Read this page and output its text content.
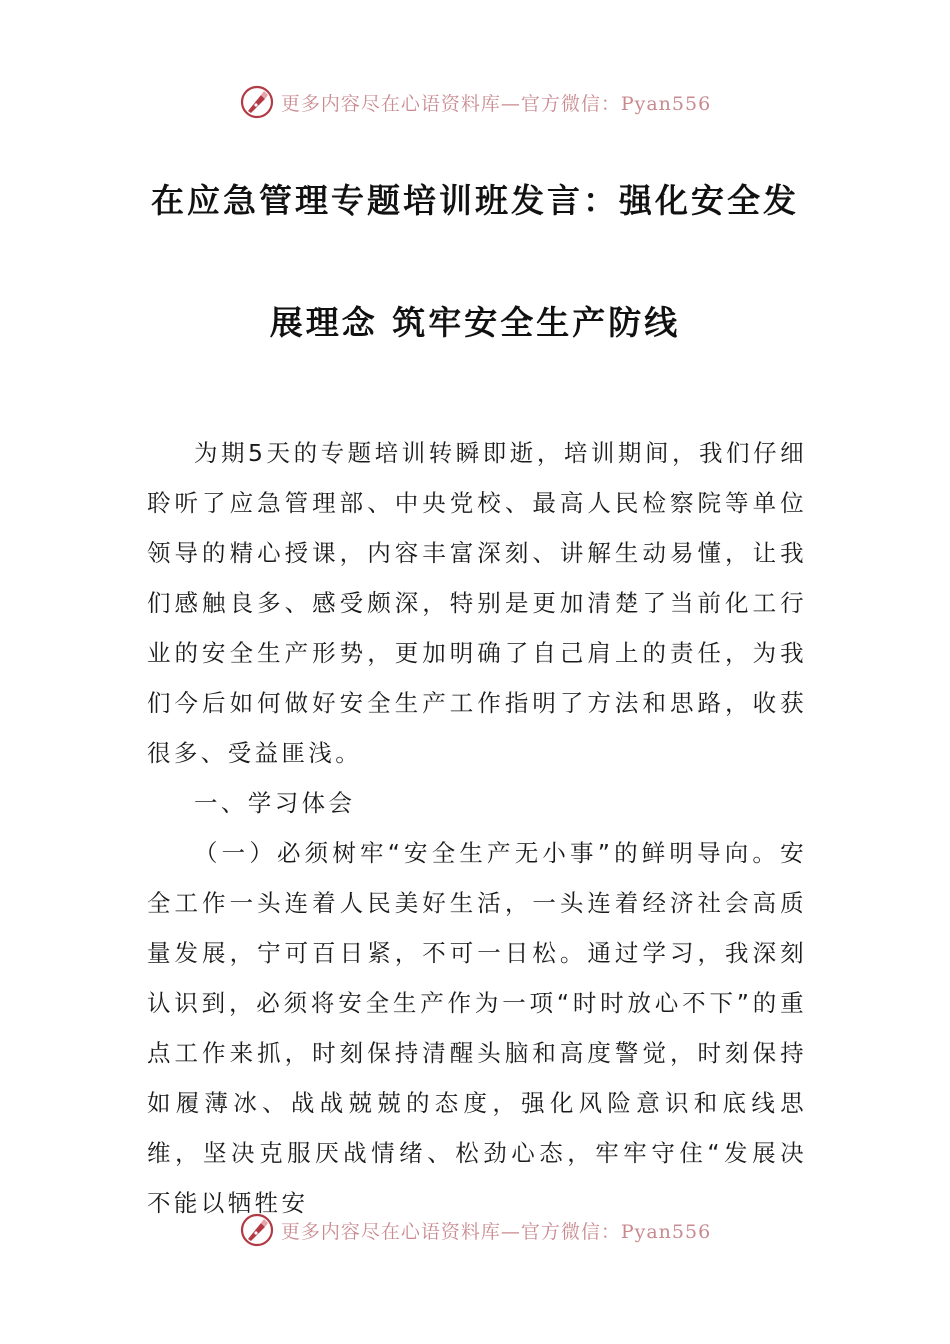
更多内容尽在心语资料库—官方微信：Pyan556
在应急管理专题培训班发言：强化安全发
展理念 筑牢安全生产防线

为期5天的专题培训转瞬即逝，培训期间，我们仔细聆听了应急管理部、中央党校、最高人民检察院等单位领导的精心授课，内容丰富深刻、讲解生动易懂，让我们感触良多、感受颇深，特别是更加清楚了当前化工行业的安全生产形势，更加明确了自己肩上的责任，为我们今后如何做好安全生产工作指明了方法和思路，收获很多、受益匪浅。

一、学习体会

（一）必须树牢“安全生产无小事”的鲜明导向。安全工作一头连着人民美好生活，一头连着经济社会高质量发展，宁可百日紧，不可一日松。通过学习，我深刻认识到，必须将安全生产作为一项“时时放心不下”的重点工作来抓，时刻保持清醒头脑和高度警觉，时刻保持如履薄冰、战战兢兢的态度，强化风险意识和底线思维，坚决克服厌战情绪、松劲心态，牢牢守住“发展决不能以牺牲安

更多内容尽在心语资料库—官方微信：Pyan556
